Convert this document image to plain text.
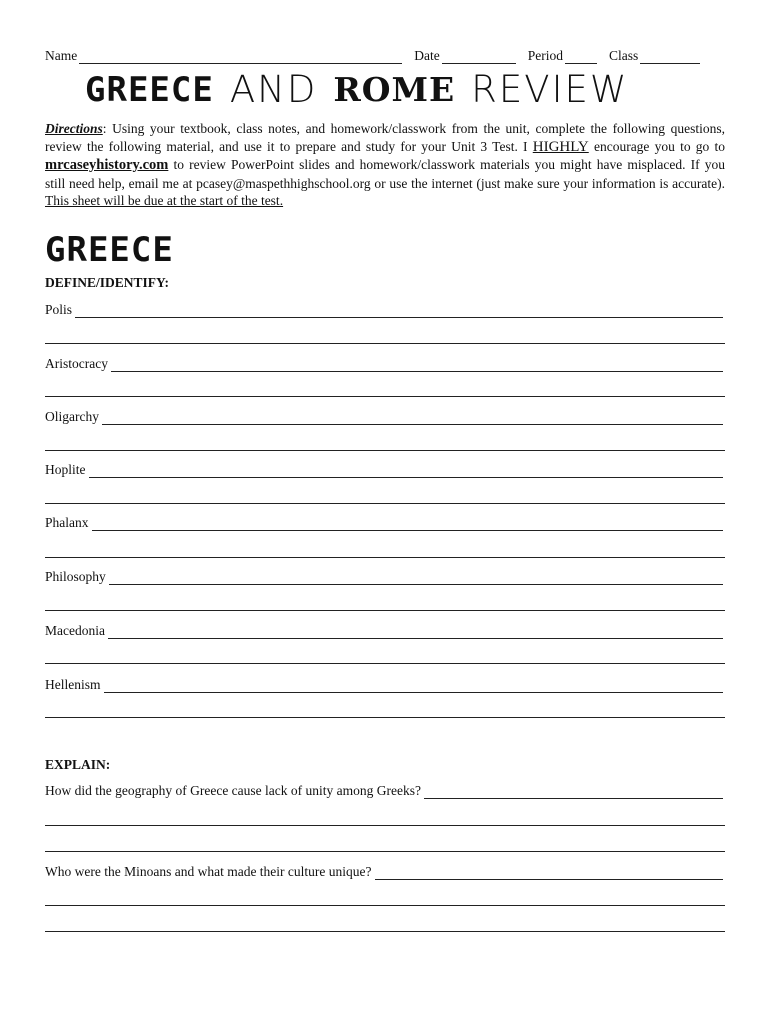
Name	Date	Period	Class
GREECE AND ROME REVIEW
Directions: Using your textbook, class notes, and homework/classwork from the unit, complete the following questions, review the following material, and use it to prepare and study for your Unit 3 Test. I HIGHLY encourage you to go to mrcaseyhistory.com to review PowerPoint slides and homework/classwork materials you might have misplaced. If you still need help, email me at pcasey@maspethhighschool.org or use the internet (just make sure your information is accurate). This sheet will be due at the start of the test.
GREECE
DEFINE/IDENTIFY:
Polis
Aristocracy
Oligarchy
Hoplite
Phalanx
Philosophy
Macedonia
Hellenism
EXPLAIN:
How did the geography of Greece cause lack of unity among Greeks?
Who were the Minoans and what made their culture unique?
